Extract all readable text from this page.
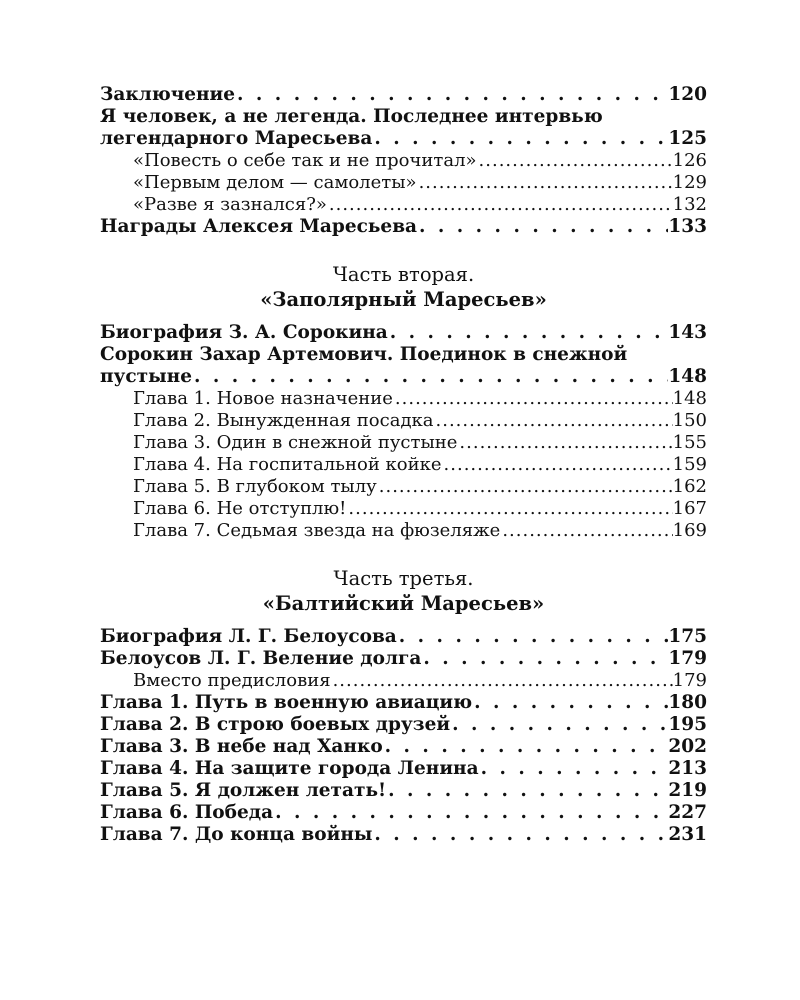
Заключение . . .	120
Я человек, а не легенда. Последнее интервью
легендарного Маресьева . . .	125
«Повесть о себе так и не прочитал» .....	126
«Первым делом — самолеты» .....	129
«Разве я зазнался?» .....	132
Награды Алексея Маресьева . . .	133
Часть вторая.
«Заполярный Маресьев»
Биография З. А. Сорокина . . .	143
Сорокин Захар Артемович. Поединок в снежной
пустыне . . .	148
Глава 1. Новое назначение .....	148
Глава 2. Вынужденная посадка .....	150
Глава 3. Один в снежной пустыне .....	155
Глава 4. На госпитальной койке .....	159
Глава 5. В глубоком тылу .....	162
Глава 6. Не отступлю! .....	167
Глава 7. Седьмая звезда на фюзеляже .....	169
Часть третья.
«Балтийский Маресьев»
Биография Л. Г. Белоусова . . .	175
Белоусов Л. Г. Веление долга . . .	179
Вместо предисловия .....	179
Глава 1. Путь в военную авиацию . . .	180
Глава 2. В строю боевых друзей . . .	195
Глава 3. В небе над Ханко . . .	202
Глава 4. На защите города Ленина . . .	213
Глава 5. Я должен летать! . . .	219
Глава 6. Победа . . .	227
Глава 7. До конца войны . . .	231
